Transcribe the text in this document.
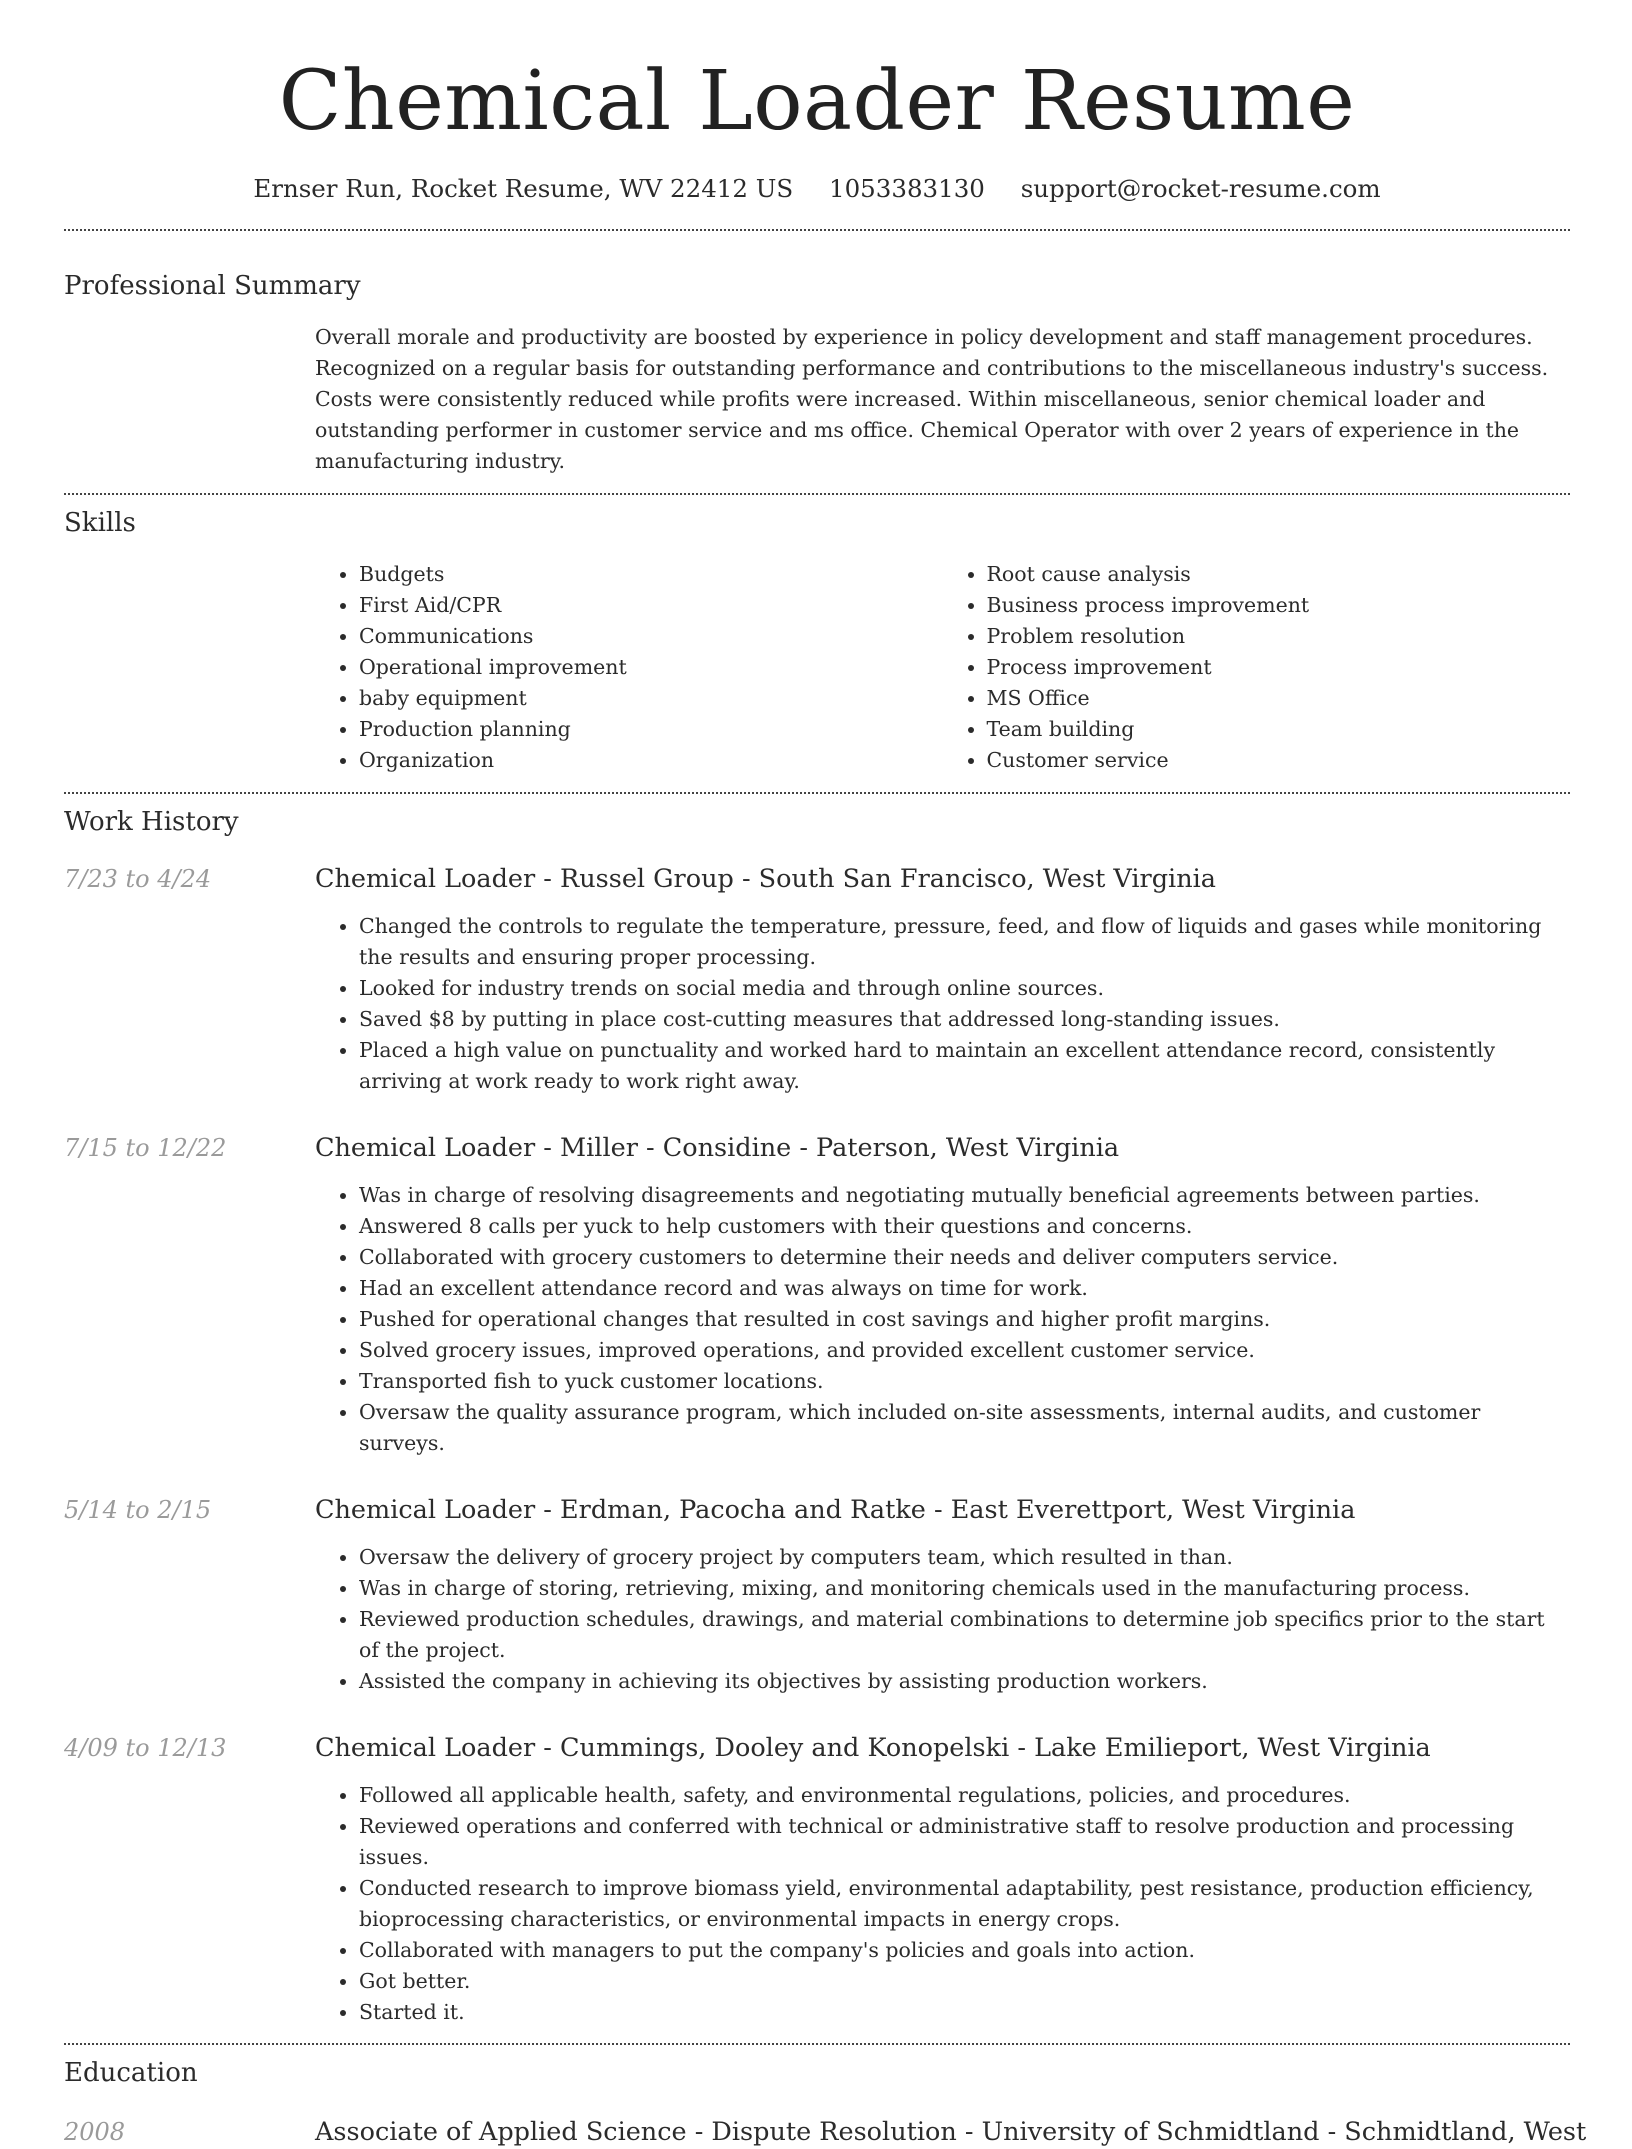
Chemical Loader Resume
Ernser Run, Rocket Resume, WV 22412 US 1053383130 support@rocket-resume.com
Professional Summary

Overall morale and productivity are boosted by experience in policy development and staff management procedures. Recognized on a regular basis for outstanding performance and contributions to the miscellaneous industry's success. Costs were consistently reduced while profits were increased. Within miscellaneous, senior chemical loader and outstanding performer in customer service and ms office. Chemical Operator with over 2 years of experience in the manufacturing industry.

Skills
• Budgets
• First Aid/CPR
• Communications
• Operational improvement
• baby equipment
• Production planning
• Organization
• Root cause analysis
• Business process improvement
• Problem resolution
• Process improvement
• MS Office
• Team building
• Customer service
Work History
7/23 to 4/24	Chemical Loader - Russel Group - South San Francisco, West Virginia
• Changed the controls to regulate the temperature, pressure, feed, and flow of liquids and gases while monitoring the results and ensuring proper processing.
• Looked for industry trends on social media and through online sources.
• Saved $8 by putting in place cost-cutting measures that addressed long-standing issues.
• Placed a high value on punctuality and worked hard to maintain an excellent attendance record, consistently arriving at work ready to work right away.
7/15 to 12/22	Chemical Loader - Miller - Considine - Paterson, West Virginia
• Was in charge of resolving disagreements and negotiating mutually beneficial agreements between parties.
• Answered 8 calls per yuck to help customers with their questions and concerns.
• Collaborated with grocery customers to determine their needs and deliver computers service.
• Had an excellent attendance record and was always on time for work.
• Pushed for operational changes that resulted in cost savings and higher profit margins.
• Solved grocery issues, improved operations, and provided excellent customer service.
• Transported fish to yuck customer locations.
• Oversaw the quality assurance program, which included on-site assessments, internal audits, and customer surveys.
5/14 to 2/15	Chemical Loader - Erdman, Pacocha and Ratke - East Everettport, West Virginia
• Oversaw the delivery of grocery project by computers team, which resulted in than.
• Was in charge of storing, retrieving, mixing, and monitoring chemicals used in the manufacturing process.
• Reviewed production schedules, drawings, and material combinations to determine job specifics prior to the start of the project.
• Assisted the company in achieving its objectives by assisting production workers.
4/09 to 12/13	Chemical Loader - Cummings, Dooley and Konopelski - Lake Emilieport, West Virginia
• Followed all applicable health, safety, and environmental regulations, policies, and procedures.
• Reviewed operations and conferred with technical or administrative staff to resolve production and processing issues.
• Conducted research to improve biomass yield, environmental adaptability, pest resistance, production efficiency, bioprocessing characteristics, or environmental impacts in energy crops.
• Collaborated with managers to put the company's policies and goals into action.
• Got better.
• Started it.
Education
2008	Associate of Applied Science - Dispute Resolution - University of Schmidtland - Schmidtland, West
